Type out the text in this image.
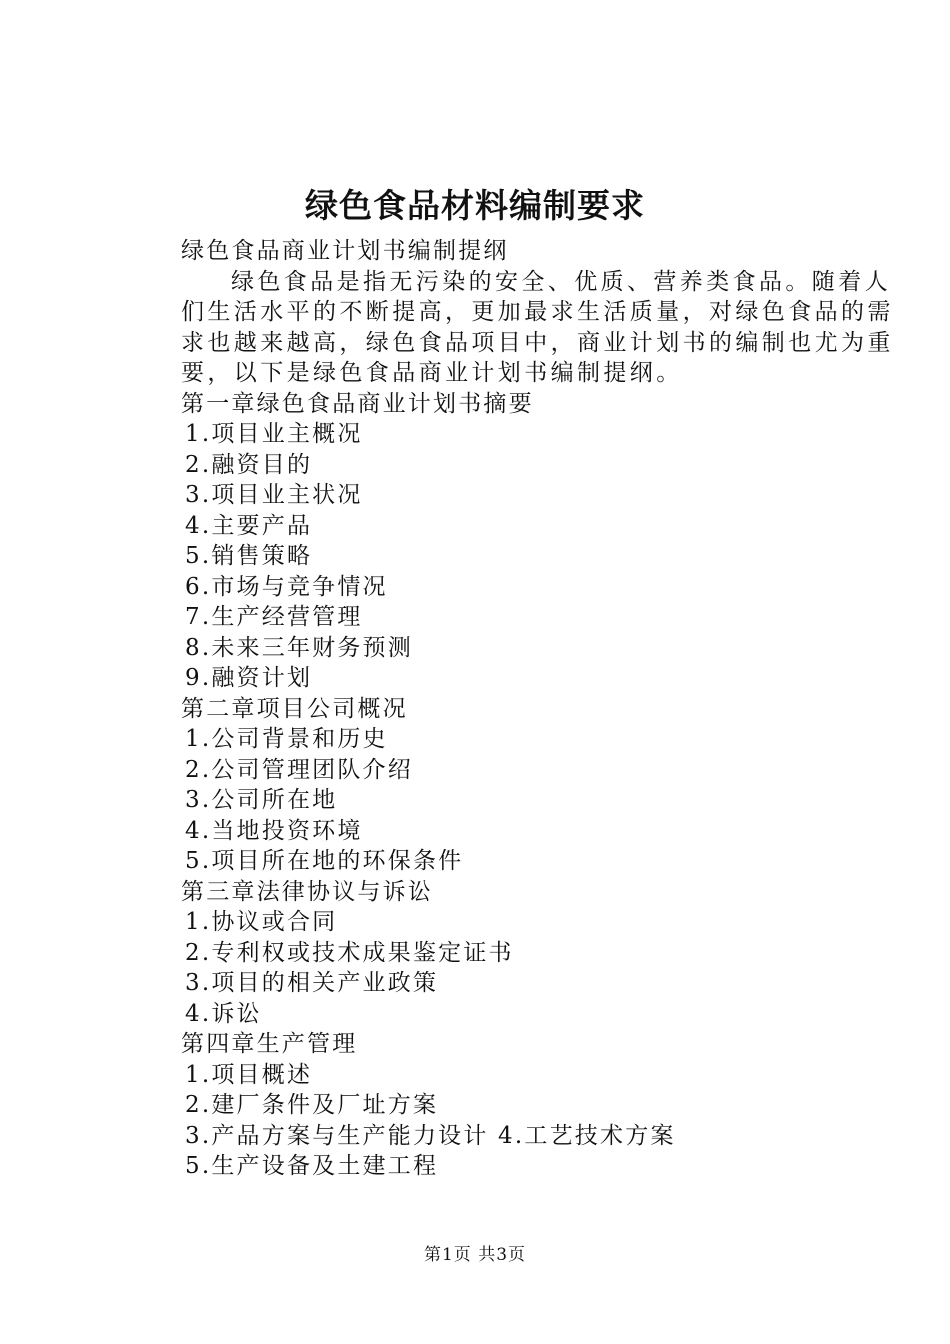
绿色食品材料编制要求
绿色食品商业计划书编制提纲
绿色食品是指无污染的安全、优质、营养类食品。随着人
们生活水平的不断提高，更加最求生活质量，对绿色食品的需
求也越来越高，绿色食品项目中，商业计划书的编制也尤为重
要，以下是绿色食品商业计划书编制提纲。
第一章绿色食品商业计划书摘要
1.项目业主概况
2.融资目的
3.项目业主状况
4.主要产品
5.销售策略
6.市场与竞争情况
7.生产经营管理
8.未来三年财务预测
9.融资计划
第二章项目公司概况
1.公司背景和历史
2.公司管理团队介绍
3.公司所在地
4.当地投资环境
5.项目所在地的环保条件
第三章法律协议与诉讼
1.协议或合同
2.专利权或技术成果鉴定证书
3.项目的相关产业政策
4.诉讼
第四章生产管理
1.项目概述
2.建厂条件及厂址方案
3.产品方案与生产能力设计 4.工艺技术方案
5.生产设备及土建工程
第1页 共3页
